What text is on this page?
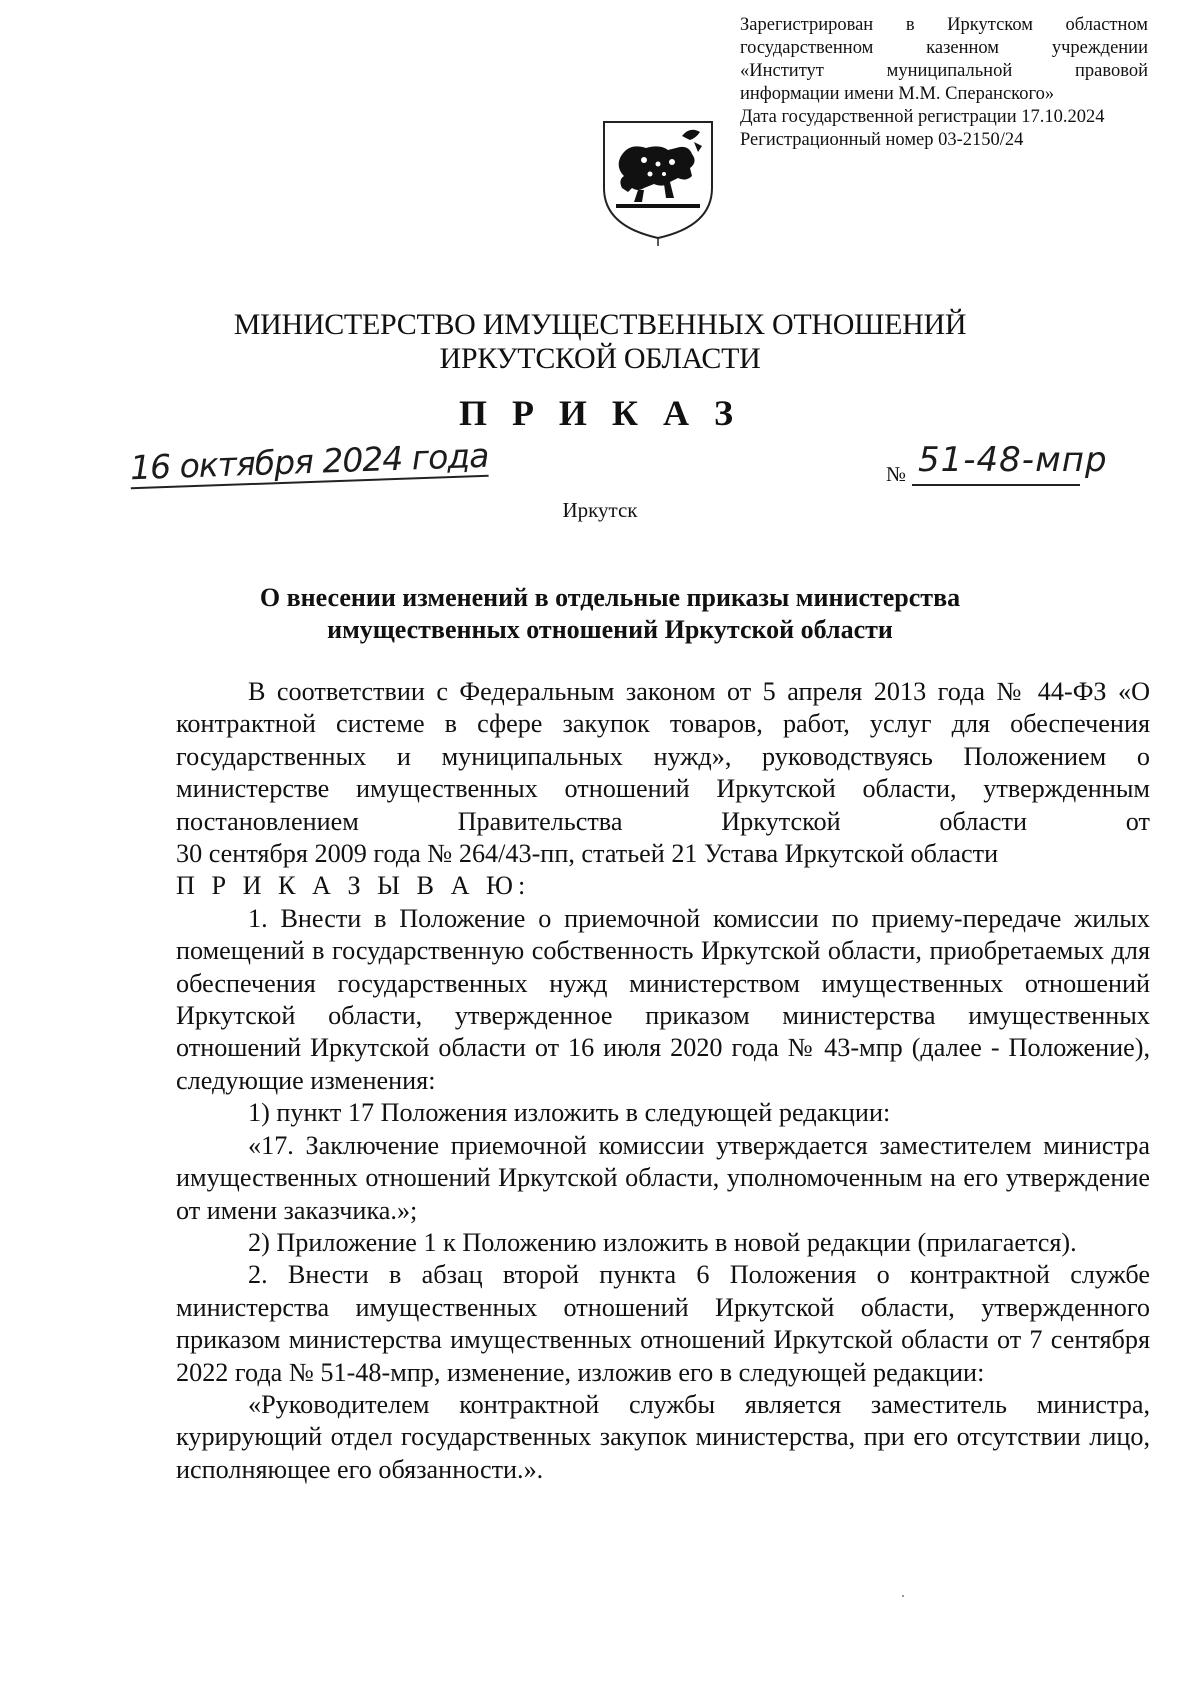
Зарегистрирован в Иркутском областном
государственном казенном учреждении
«Институт муниципальной правовой
информации имени М.М. Сперанского»
Дата государственной регистрации 17.10.2024
Регистрационный номер 03-2150/24
МИНИСТЕРСТВО ИМУЩЕСТВЕННЫХ ОТНОШЕНИЙ
ИРКУТСКОЙ ОБЛАСТИ
П Р И К А З
16 октября 2024 года	№ 51-48-мпр
Иркутск
О внесении изменений в отдельные приказы министерства
имущественных отношений Иркутской области

В соответствии с Федеральным законом от 5 апреля 2013 года № 44-ФЗ «О контрактной системе в сфере закупок товаров, работ, услуг для обеспечения государственных и муниципальных нужд», руководствуясь Положением о министерстве имущественных отношений Иркутской области, утвержденным постановлением Правительства Иркутской области от

30 сентября 2009 года № 264/43-пп, статьей 21 Устава Иркутской области

П Р И К А З Ы В А Ю:

1. Внести в Положение о приемочной комиссии по приему-передаче жилых помещений в государственную собственность Иркутской области, приобретаемых для обеспечения государственных нужд министерством имущественных отношений Иркутской области, утвержденное приказом министерства имущественных отношений Иркутской области от 16 июля 2020 года № 43-мпр (далее - Положение), следующие изменения:

1) пункт 17 Положения изложить в следующей редакции:

«17. Заключение приемочной комиссии утверждается заместителем министра имущественных отношений Иркутской области, уполномоченным на его утверждение от имени заказчика.»;

2) Приложение 1 к Положению изложить в новой редакции (прилагается).

2. Внести в абзац второй пункта 6 Положения о контрактной службе министерства имущественных отношений Иркутской области, утвержденного приказом министерства имущественных отношений Иркутской области от 7 сентября 2022 года № 51-48-мпр, изменение, изложив его в следующей редакции:

«Руководителем контрактной службы является заместитель министра, курирующий отдел государственных закупок министерства, при его отсутствии лицо, исполняющее его обязанности.».
